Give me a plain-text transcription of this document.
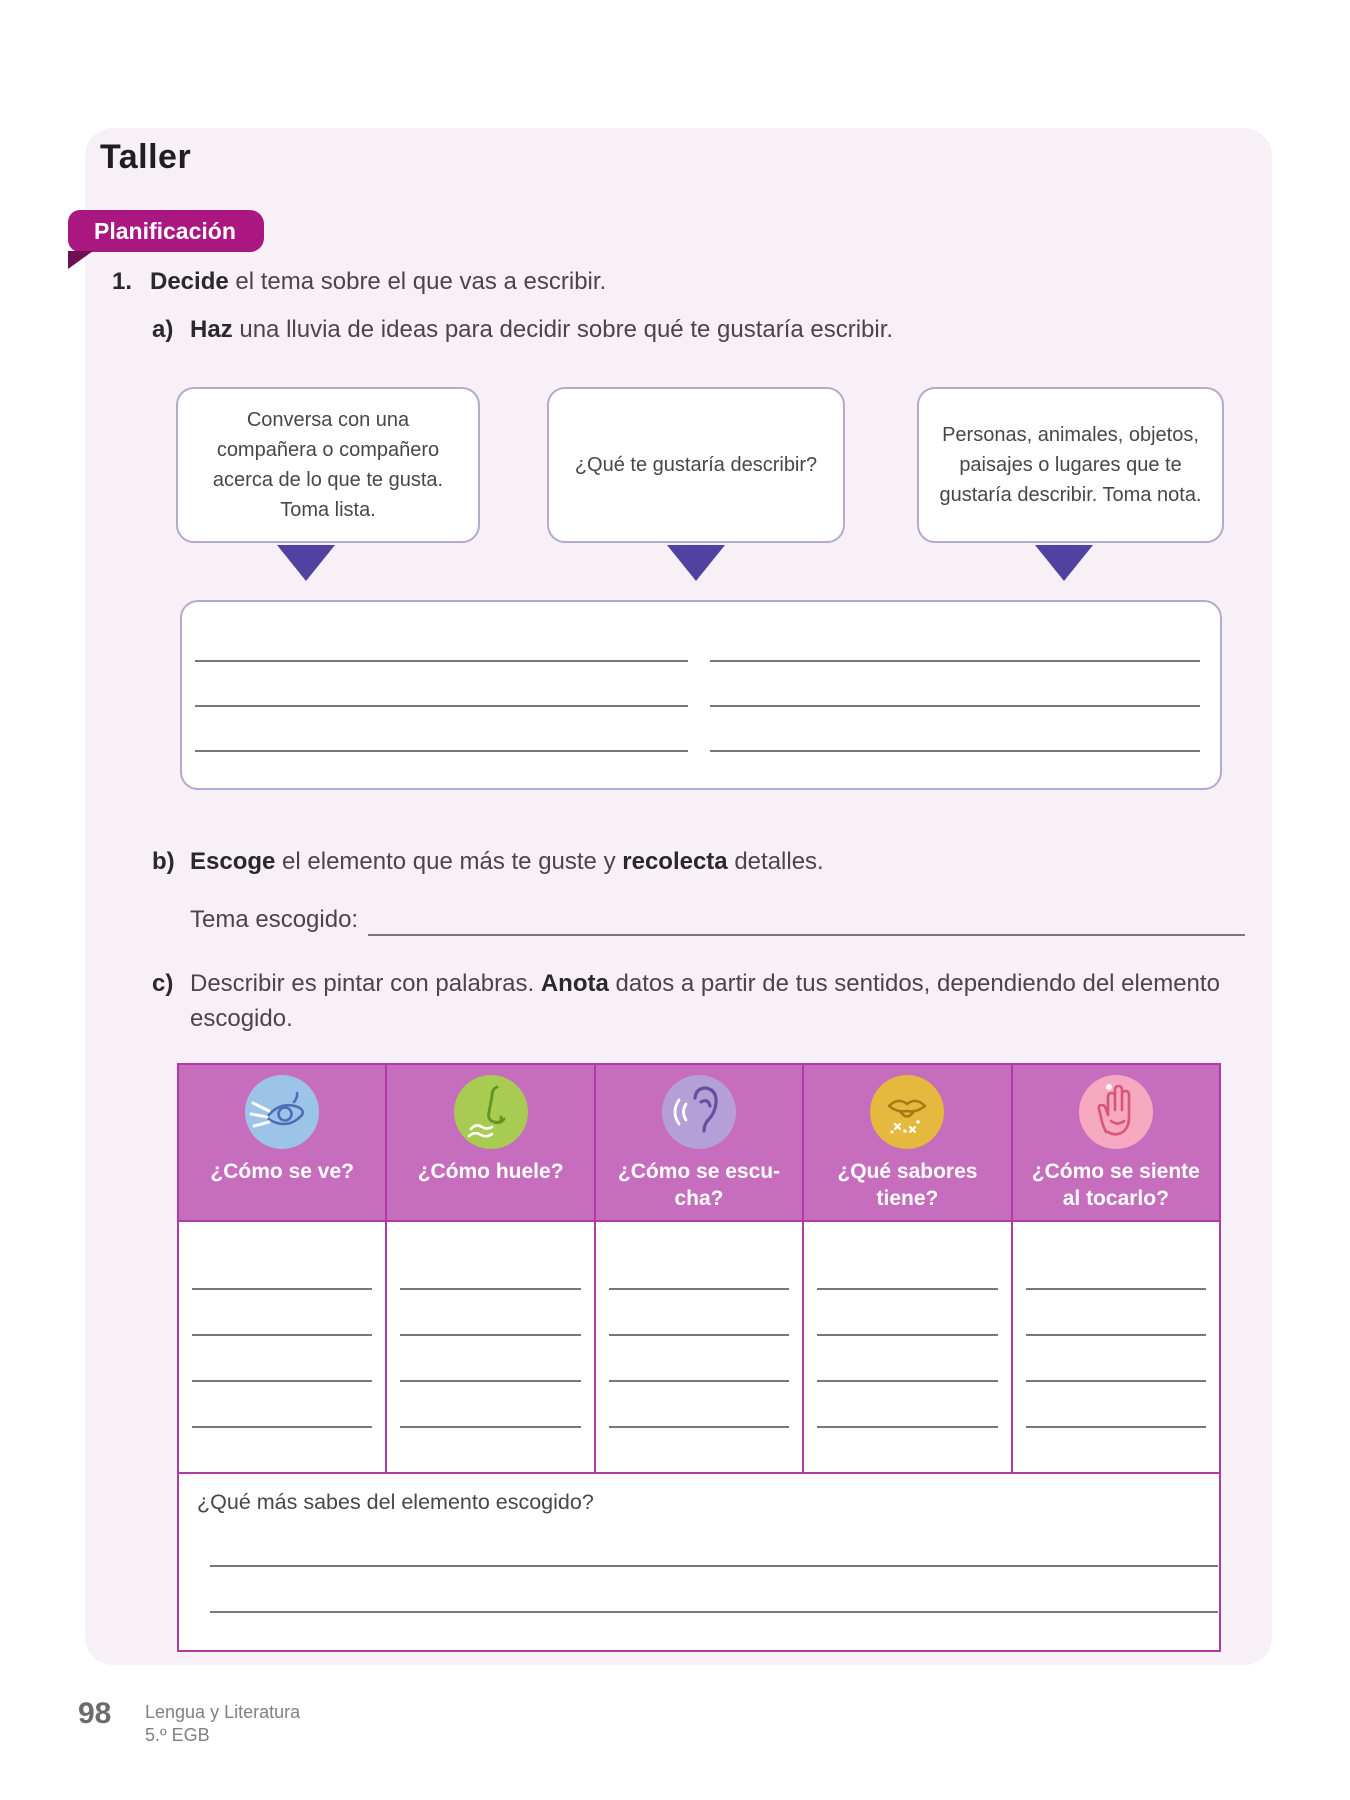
Taller
Planificación
1. Decide el tema sobre el que vas a escribir.
a) Haz una lluvia de ideas para decidir sobre qué te gustaría escribir.
Conversa con una compañera o compañero acerca de lo que te gusta. Toma lista.
¿Qué te gustaría describir?
Personas, animales, objetos, paisajes o lugares que te gustaría describir. Toma nota.
b) Escoge el elemento que más te guste y recolecta detalles.
Tema escogido:
c) Describir es pintar con palabras. Anota datos a partir de tus sentidos, dependiendo del elemento escogido.
¿Cómo se ve?	¿Cómo huele?	¿Cómo se escu-
cha?
¿Qué sabores
tiene?
¿Cómo se siente
al tocarlo?
¿Qué más sabes del elemento escogido?
98 Lengua y Literatura
5.º EGB
